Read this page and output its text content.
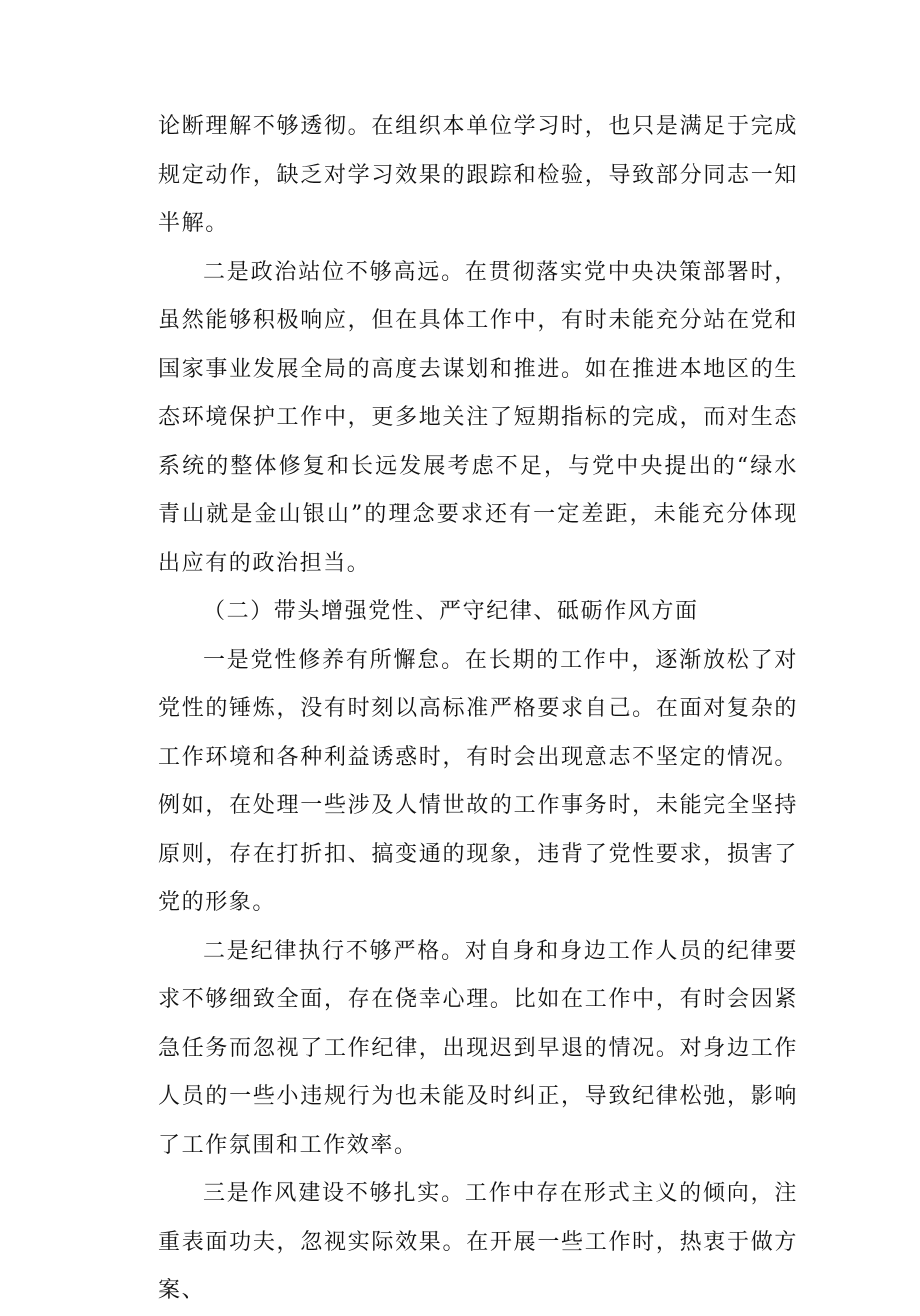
论断理解不够透彻。在组织本单位学习时，也只是满足于完成规定动作，缺乏对学习效果的跟踪和检验，导致部分同志一知半解。

二是政治站位不够高远。在贯彻落实党中央决策部署时，虽然能够积极响应，但在具体工作中，有时未能充分站在党和国家事业发展全局的高度去谋划和推进。如在推进本地区的生态环境保护工作中，更多地关注了短期指标的完成，而对生态系统的整体修复和长远发展考虑不足，与党中央提出的“绿水青山就是金山银山”的理念要求还有一定差距，未能充分体现出应有的政治担当。

（二）带头增强党性、严守纪律、砥砺作风方面

一是党性修养有所懈怠。在长期的工作中，逐渐放松了对党性的锤炼，没有时刻以高标准严格要求自己。在面对复杂的工作环境和各种利益诱惑时，有时会出现意志不坚定的情况。例如，在处理一些涉及人情世故的工作事务时，未能完全坚持原则，存在打折扣、搞变通的现象，违背了党性要求，损害了党的形象。

二是纪律执行不够严格。对自身和身边工作人员的纪律要求不够细致全面，存在侥幸心理。比如在工作中，有时会因紧急任务而忽视了工作纪律，出现迟到早退的情况。对身边工作人员的一些小违规行为也未能及时纠正，导致纪律松弛，影响了工作氛围和工作效率。

三是作风建设不够扎实。工作中存在形式主义的倾向，注重表面功夫，忽视实际效果。在开展一些工作时，热衷于做方案、
